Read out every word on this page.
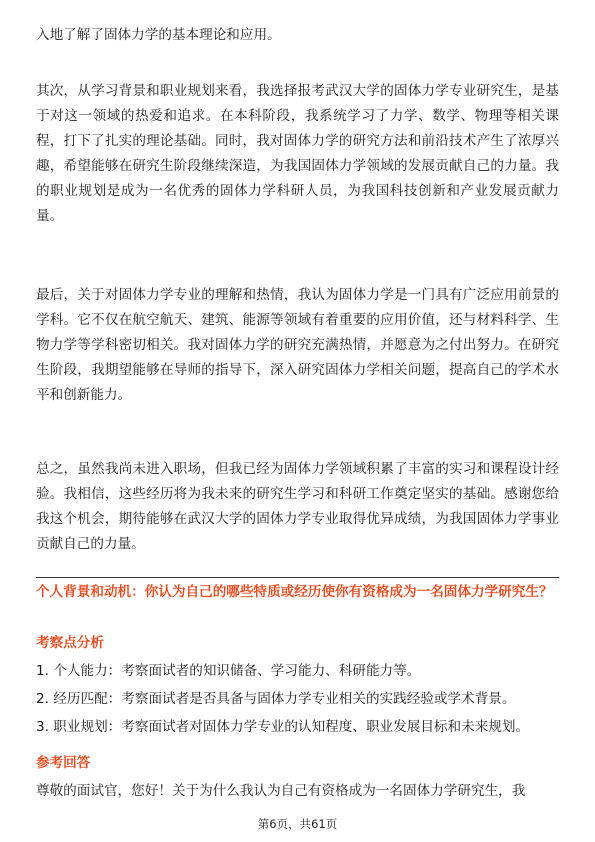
入地了解了固体力学的基本理论和应用。

其次，从学习背景和职业规划来看，我选择报考武汉大学的固体力学专业研究生，是基于对这一领域的热爱和追求。在本科阶段，我系统学习了力学、数学、物理等相关课程，打下了扎实的理论基础。同时，我对固体力学的研究方法和前沿技术产生了浓厚兴趣，希望能够在研究生阶段继续深造，为我国固体力学领域的发展贡献自己的力量。我的职业规划是成为一名优秀的固体力学科研人员，为我国科技创新和产业发展贡献力量。

最后，关于对固体力学专业的理解和热情，我认为固体力学是一门具有广泛应用前景的学科。它不仅在航空航天、建筑、能源等领域有着重要的应用价值，还与材料科学、生物力学等学科密切相关。我对固体力学的研究充满热情，并愿意为之付出努力。在研究生阶段，我期望能够在导师的指导下，深入研究固体力学相关问题，提高自己的学术水平和创新能力。

总之，虽然我尚未进入职场，但我已经为固体力学领域积累了丰富的实习和课程设计经验。我相信，这些经历将为我未来的研究生学习和科研工作奠定坚实的基础。感谢您给我这个机会，期待能够在武汉大学的固体力学专业取得优异成绩，为我国固体力学事业贡献自己的力量。

个人背景和动机：你认为自己的哪些特质或经历使你有资格成为一名固体力学研究生？

考察点分析

1. 个人能力：考察面试者的知识储备、学习能力、科研能力等。

2. 经历匹配：考察面试者是否具备与固体力学专业相关的实践经验或学术背景。

3. 职业规划：考察面试者对固体力学专业的认知程度、职业发展目标和未来规划。

参考回答

尊敬的面试官，您好！关于为什么我认为自己有资格成为一名固体力学研究生，我

第6页，共61页
